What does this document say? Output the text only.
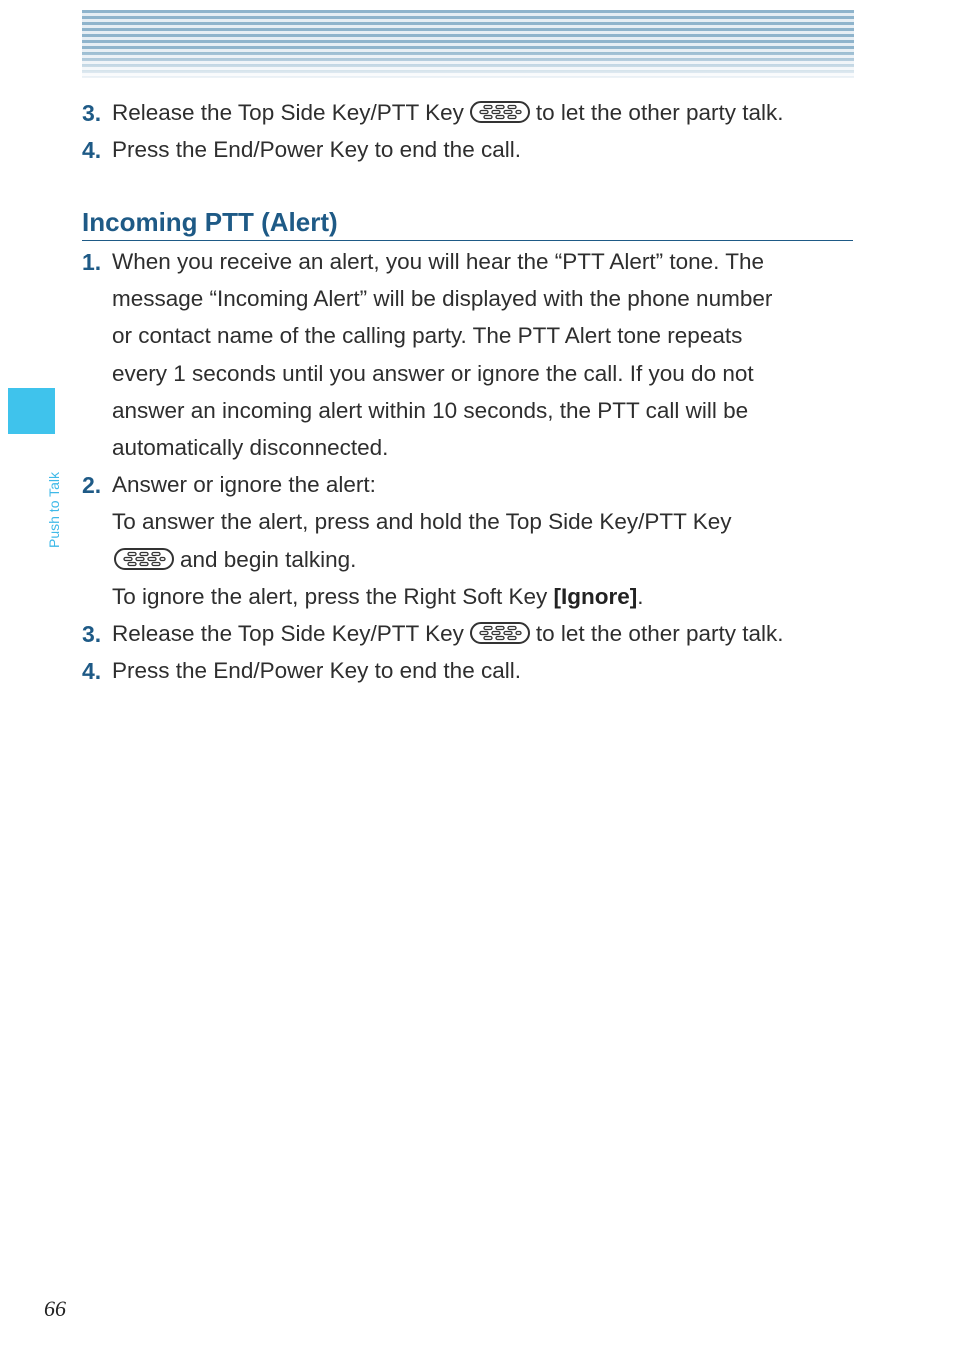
Push to Talk
3. Release the Top Side Key/PTT Key	to let the other party talk.
4. Press the End/Power Key to end the call.
Incoming PTT (Alert)
1. When you receive an alert, you will hear the “PTT Alert” tone. The
message “Incoming Alert” will be displayed with the phone number
or contact name of the calling party. The PTT Alert tone repeats
every 1 seconds until you answer or ignore the call. If you do not
answer an incoming alert within 10 seconds, the PTT call will be
automatically disconnected.
2. Answer or ignore the alert:
To answer the alert, press and hold the Top Side Key/PTT Key
and begin talking.
To ignore the alert, press the Right Soft Key [Ignore].
3. Release the Top Side Key/PTT Key	to let the other party talk.
4. Press the End/Power Key to end the call.
66
